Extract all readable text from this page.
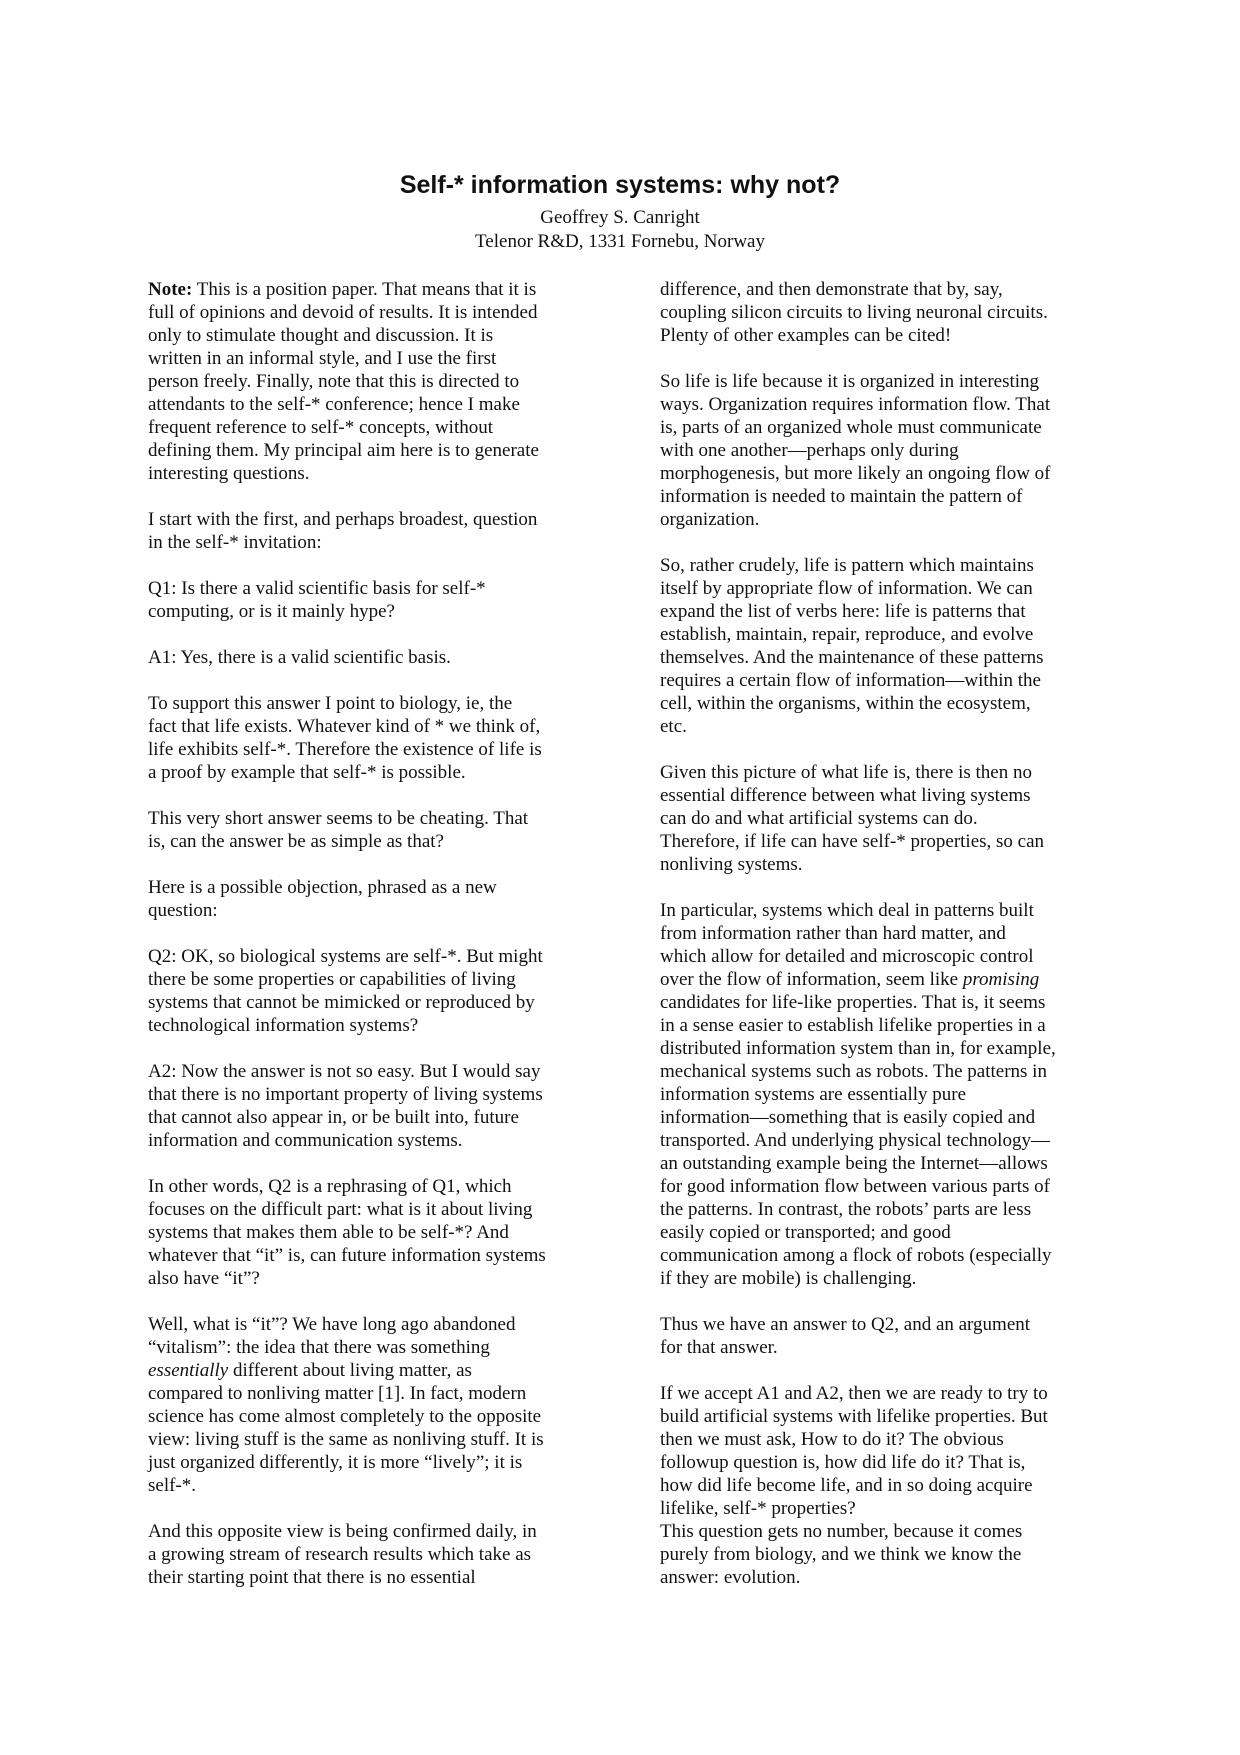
Self-* information systems: why not?

Geoffrey S. Canright

Telenor R&D, 1331 Fornebu, Norway

Note: This is a position paper. That means that it is
full of opinions and devoid of results. It is intended
only to stimulate thought and discussion. It is
written in an informal style, and I use the first
person freely. Finally, note that this is directed to
attendants to the self-* conference; hence I make
frequent reference to self-* concepts, without
defining them. My principal aim here is to generate
interesting questions.

I start with the first, and perhaps broadest, question
in the self-* invitation:

Q1: Is there a valid scientific basis for self-*
computing, or is it mainly hype?

A1: Yes, there is a valid scientific basis.

To support this answer I point to biology, ie, the
fact that life exists. Whatever kind of * we think of,
life exhibits self-*. Therefore the existence of life is
a proof by example that self-* is possible.

This very short answer seems to be cheating. That
is, can the answer be as simple as that?

Here is a possible objection, phrased as a new
question:

Q2: OK, so biological systems are self-*. But might
there be some properties or capabilities of living
systems that cannot be mimicked or reproduced by
technological information systems?

A2: Now the answer is not so easy. But I would say
that there is no important property of living systems
that cannot also appear in, or be built into, future
information and communication systems.

In other words, Q2 is a rephrasing of Q1, which
focuses on the difficult part: what is it about living
systems that makes them able to be self-*? And
whatever that “it” is, can future information systems
also have “it”?

Well, what is “it”? We have long ago abandoned
“vitalism”: the idea that there was something
essentially different about living matter, as
compared to nonliving matter [1]. In fact, modern
science has come almost completely to the opposite
view: living stuff is the same as nonliving stuff. It is
just organized differently, it is more “lively”; it is
self-*.

And this opposite view is being confirmed daily, in
a growing stream of research results which take as
their starting point that there is no essential

difference, and then demonstrate that by, say,
coupling silicon circuits to living neuronal circuits.
Plenty of other examples can be cited!

So life is life because it is organized in interesting
ways. Organization requires information flow. That
is, parts of an organized whole must communicate
with one another—perhaps only during
morphogenesis, but more likely an ongoing flow of
information is needed to maintain the pattern of
organization.

So, rather crudely, life is pattern which maintains
itself by appropriate flow of information. We can
expand the list of verbs here: life is patterns that
establish, maintain, repair, reproduce, and evolve
themselves. And the maintenance of these patterns
requires a certain flow of information—within the
cell, within the organisms, within the ecosystem,
etc.

Given this picture of what life is, there is then no
essential difference between what living systems
can do and what artificial systems can do.
Therefore, if life can have self-* properties, so can
nonliving systems.

In particular, systems which deal in patterns built
from information rather than hard matter, and
which allow for detailed and microscopic control
over the flow of information, seem like promising
candidates for life-like properties. That is, it seems
in a sense easier to establish lifelike properties in a
distributed information system than in, for example,
mechanical systems such as robots. The patterns in
information systems are essentially pure
information—something that is easily copied and
transported. And underlying physical technology—
an outstanding example being the Internet—allows
for good information flow between various parts of
the patterns. In contrast, the robots’ parts are less
easily copied or transported; and good
communication among a flock of robots (especially
if they are mobile) is challenging.

Thus we have an answer to Q2, and an argument
for that answer.

If we accept A1 and A2, then we are ready to try to
build artificial systems with lifelike properties. But
then we must ask, How to do it? The obvious
followup question is, how did life do it? That is,
how did life become life, and in so doing acquire
lifelike, self-* properties?
This question gets no number, because it comes
purely from biology, and we think we know the
answer: evolution.
